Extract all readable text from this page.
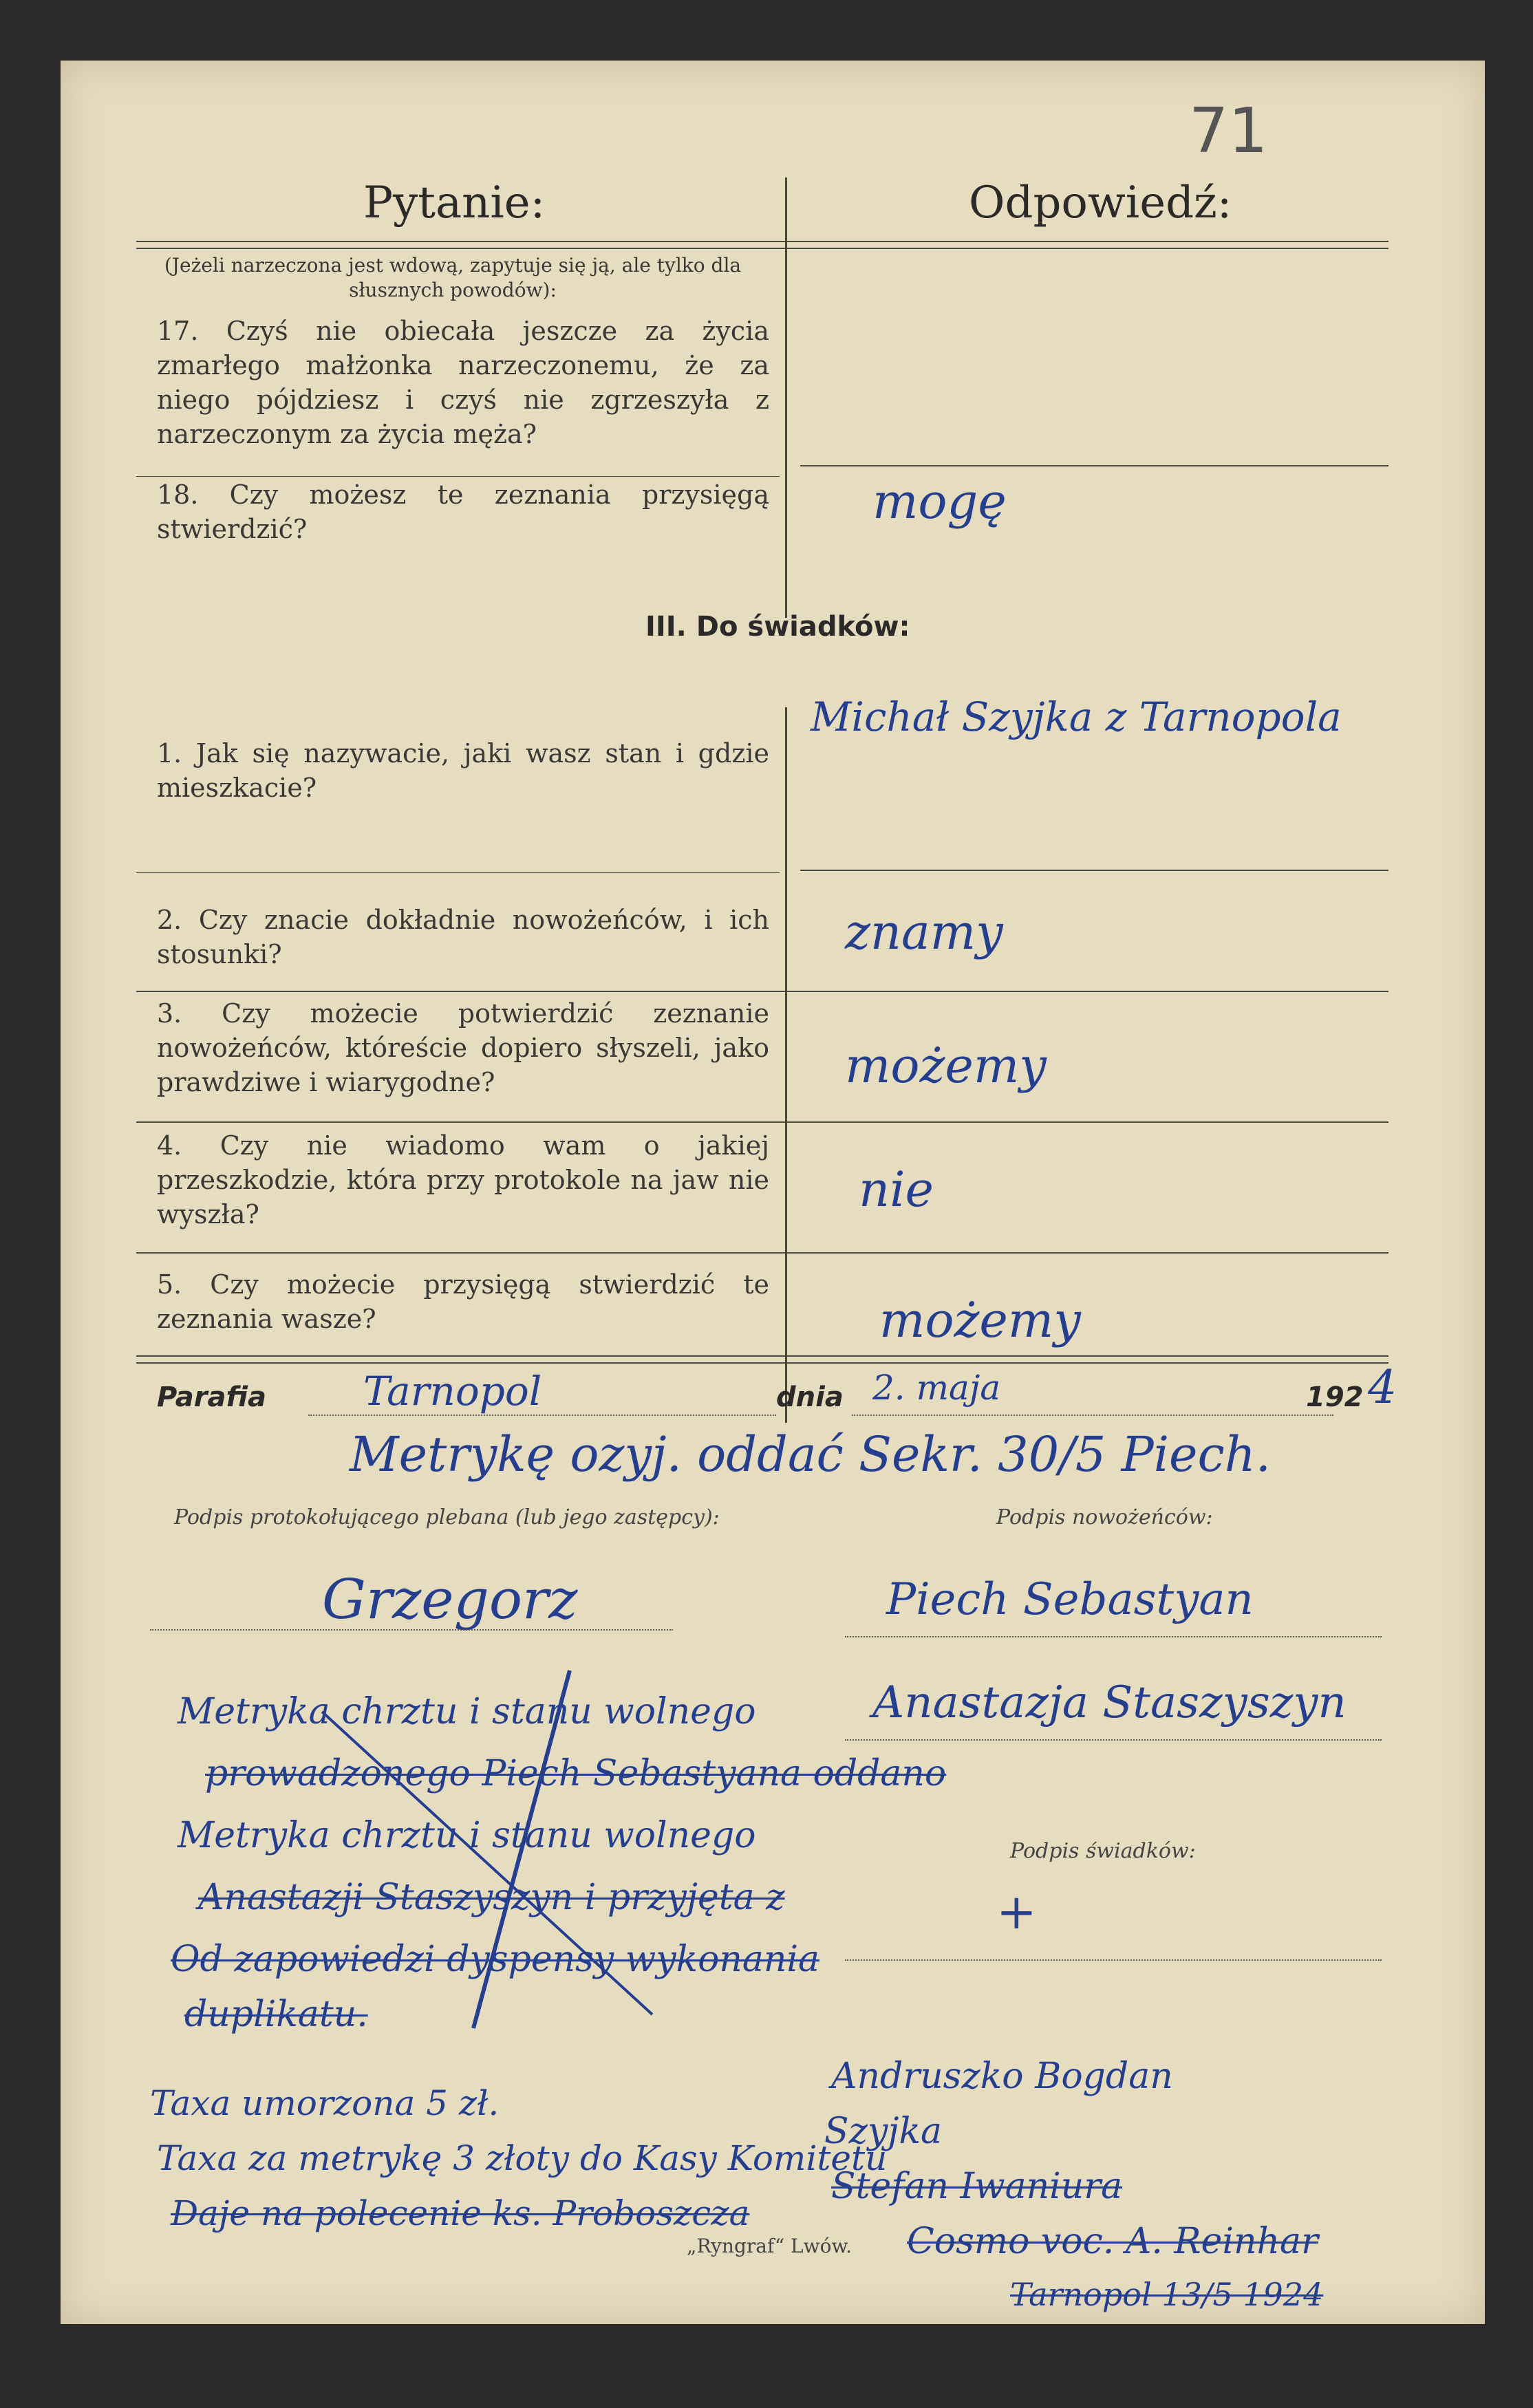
71
Pytanie:	Odpowiedź:
(Jeżeli narzeczona jest wdową, zapytuje się ją, ale tylko dla słusznych powodów):
17. Czyś nie obiecała jeszcze za życia zmarłego małżonka narzeczonemu, że za niego pójdziesz i czyś nie zgrzeszyła z narzeczonym za życia męża?
18. Czy możesz te zeznania przysięgą stwierdzić?	mogę
III. Do świadków:
1. Jak się nazywacie, jaki wasz stan i gdzie mieszkacie?
Michał Szyjka z Tarnopola
2. Czy znacie dokładnie nowożeńców, i ich stosunki?	znamy
3. Czy możecie potwierdzić zeznanie nowożeńców, któreście dopiero słyszeli, jako prawdziwe i wiarygodne?	możemy
4. Czy nie wiadomo wam o jakiej przeszkodzie, która przy protokole na jaw nie wyszła?	nie
5. Czy możecie przysięgą stwierdzić te zeznania wasze?	możemy
Parafia Tarnopol	dnia 2. maja	192 4
Metrykę ozyj. oddać Sekr. 30/5 Piech.
Podpis protokołującego plebana (lub jego zastępcy):	Podpis nowożeńców:
Grzegorz	Piech Sebastyan
Anastazja Staszyszyn
Podpis świadków:
+
Metryka chrztu i stanu wolnego
prowadzonego Piech Sebastyana oddano
Metryka chrztu i stanu wolnego
Anastazji Staszyszyn i przyjęta z
Od zapowiedzi dyspensy wykonania
duplikatu.
Taxa umorzona 5 zł.
Taxa za metrykę 3 złoty do Kasy Komitetu
Daje na polecenie ks. Proboszcza
Andruszko Bogdan
Szyjka
Stefan Iwaniura
Cosmo voc. A. Reinhar
Tarnopol 13/5 1924
„Ryngraf“ Lwów.
